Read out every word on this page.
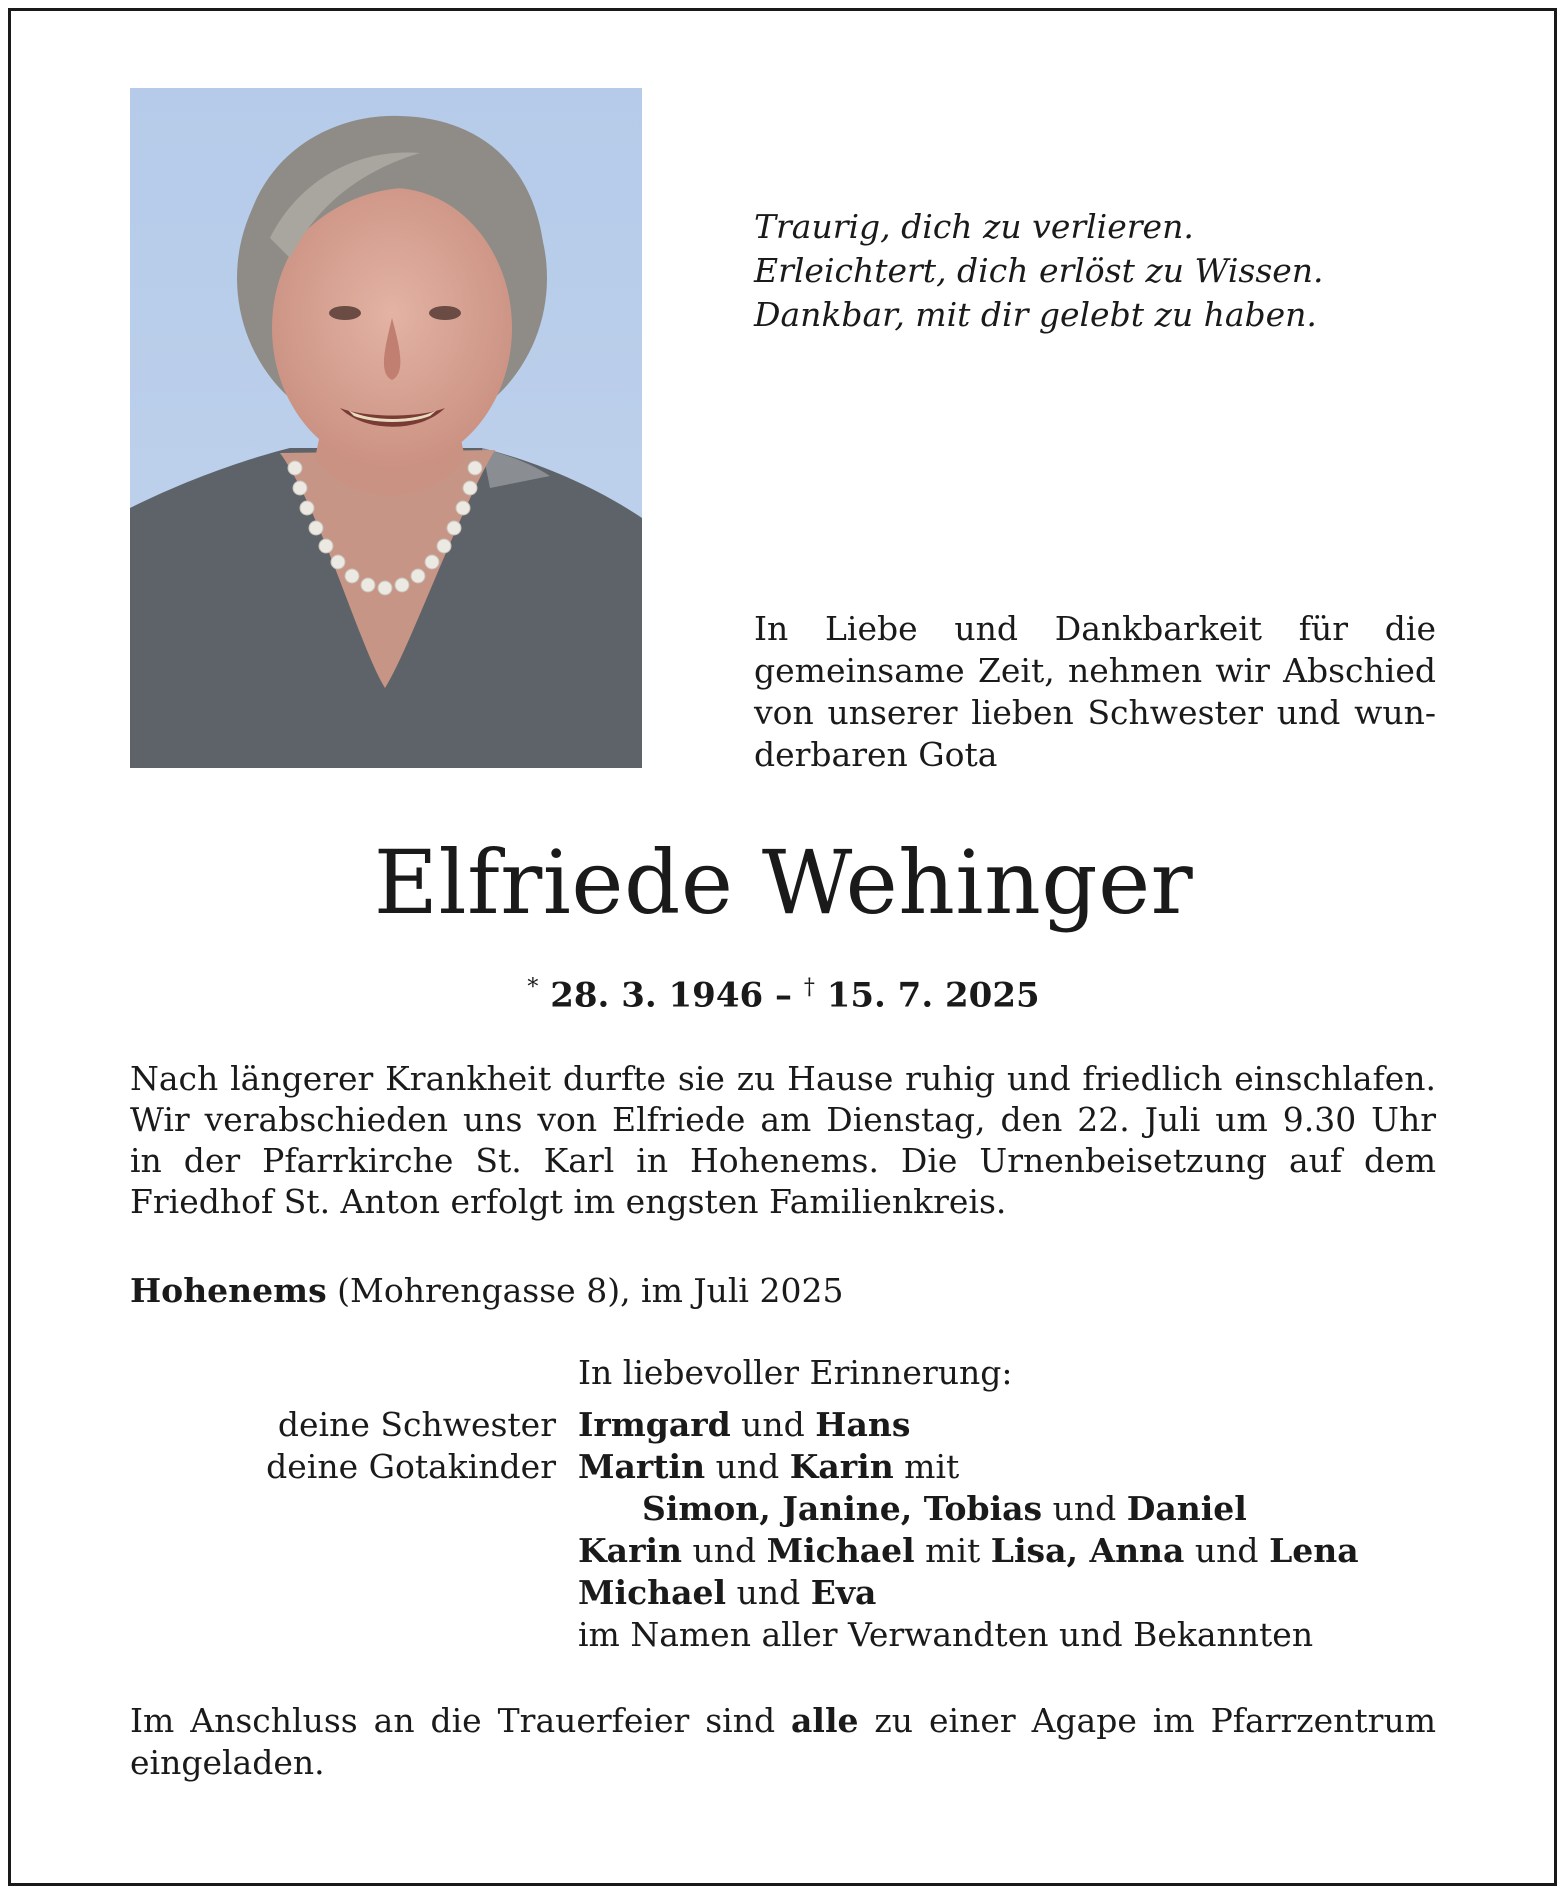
Traurig, dich zu verlieren.
Erleichtert, dich erlöst zu Wissen.
Dankbar, mit dir gelebt zu haben.
In Liebe und Dankbarkeit für die
gemeinsame Zeit, nehmen wir Abschied
von unserer lieben Schwester und wun-
derbaren Gota
Elfriede Wehinger
* 28. 3. 1946 – † 15. 7. 2025
Nach längerer Krankheit durfte sie zu Hause ruhig und friedlich einschlafen.
Wir verabschieden uns von Elfriede am Dienstag, den 22. Juli um 9.30 Uhr
in der Pfarrkirche St. Karl in Hohenems. Die Urnenbeisetzung auf dem
Friedhof St. Anton erfolgt im engsten Familienkreis.
Hohenems (Mohrengasse 8), im Juli 2025
In liebevoller Erinnerung:
deine Schwester
deine Gotakinder
Irmgard und Hans
Martin und Karin mit
Simon, Janine, Tobias und Daniel
Karin und Michael mit Lisa, Anna und Lena
Michael und Eva
im Namen aller Verwandten und Bekannten
Im Anschluss an die Trauerfeier sind alle zu einer Agape im Pfarrzentrum
eingeladen.
